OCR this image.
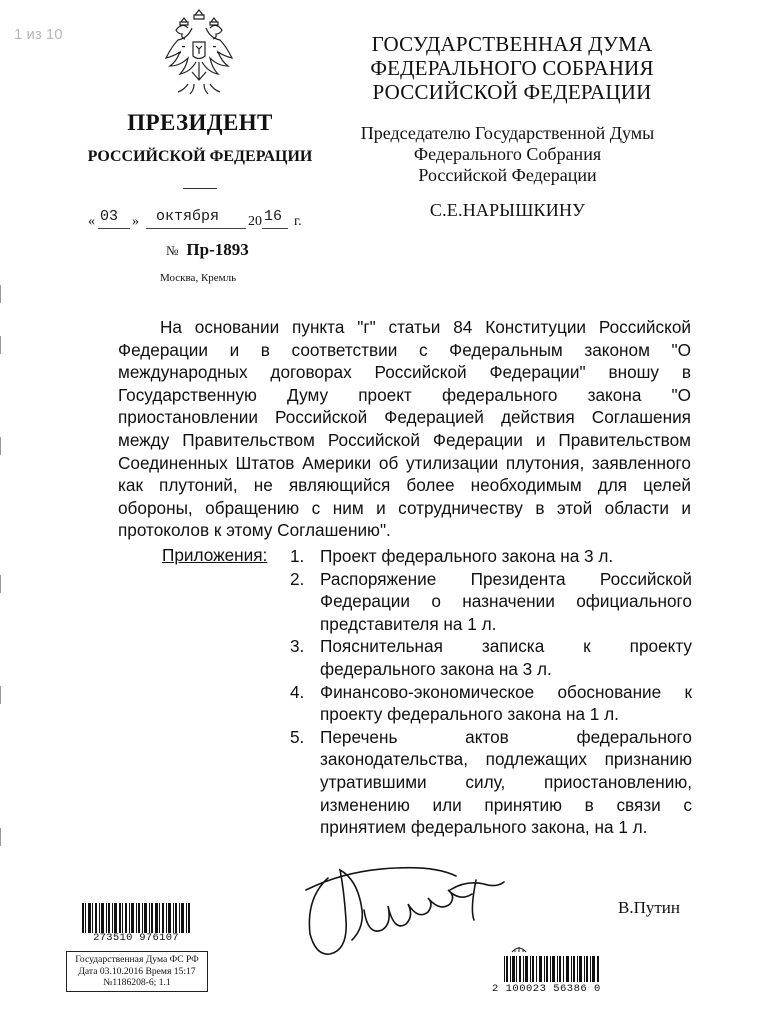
1 из 10	ГОСУДАРСТВЕННАЯ ДУМА
ФЕДЕРАЛЬНОГО СОБРАНИЯ
РОССИЙСКОЙ ФЕДЕРАЦИИ
ПРЕЗИДЕНТ
РОССИЙСКОЙ ФЕДЕРАЦИИ
Председателю Государственной Думы
Федерального Собрания
Российской Федерации
С.Е.НАРЫШКИНУ
« 03 » октября 20 16 г.
№ Пр-1893
Москва, Кремль
На основании пункта "г" статьи 84 Конституции Российской Федерации и в соответствии с Федеральным законом "О международных договорах Российской Федерации" вношу в Государственную Думу проект федерального закона "О приостановлении Российской Федерацией действия Соглашения между Правительством Российской Федерации и Правительством Соединенных Штатов Америки об утилизации плутония, заявленного как плутоний, не являющийся более необходимым для целей обороны, обращению с ним и сотрудничеству в этой области и протоколов к этому Соглашению".
Приложения: 1. Проект федерального закона на 3 л.
2. Распоряжение Президента Российской Федерации о назначении официального представителя на 1 л.
3. Пояснительная записка к проекту федерального закона на 3 л.
4. Финансово-экономическое обоснование к проекту федерального закона на 1 л.
5. Перечень актов федерального законодательства, подлежащих признанию утратившими силу, приостановлению, изменению или принятию в связи с принятием федерального закона, на 1 л.
В.Путин
273510 976107
Государственная Дума ФС РФ
Дата 03.10.2016 Время 15:17
№1186208-6; 1.1
2 100023 56386 0
